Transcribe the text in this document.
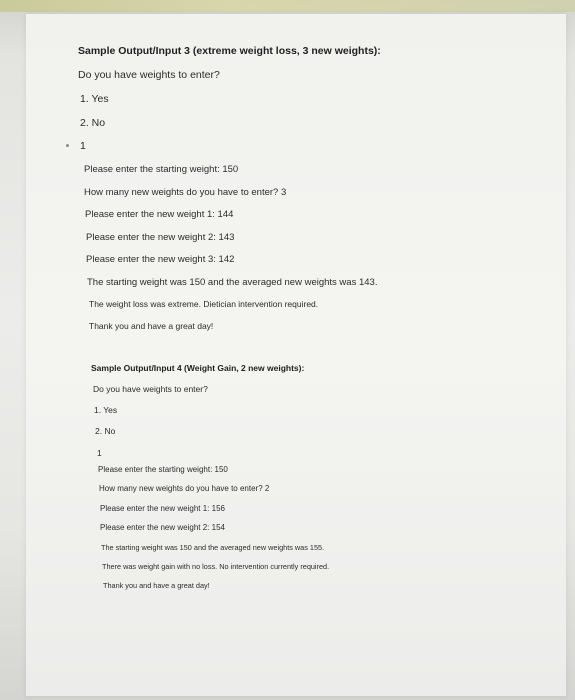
Sample Output/Input 3 (extreme weight loss, 3 new weights):
Do you have weights to enter?
1. Yes
2. No
1
Please enter the starting weight: 150
How many new weights do you have to enter? 3
Please enter the new weight 1: 144
Please enter the new weight 2: 143
Please enter the new weight 3: 142
The starting weight was 150 and the averaged new weights was 143.
The weight loss was extreme. Dietician intervention required.
Thank you and have a great day!
Sample Output/Input 4 (Weight Gain, 2 new weights):
Do you have weights to enter?
1. Yes
2. No
1
Please enter the starting weight: 150
How many new weights do you have to enter? 2
Please enter the new weight 1: 156
Please enter the new weight 2: 154
The starting weight was 150 and the averaged new weights was 155.
There was weight gain with no loss. No intervention currently required.
Thank you and have a great day!
